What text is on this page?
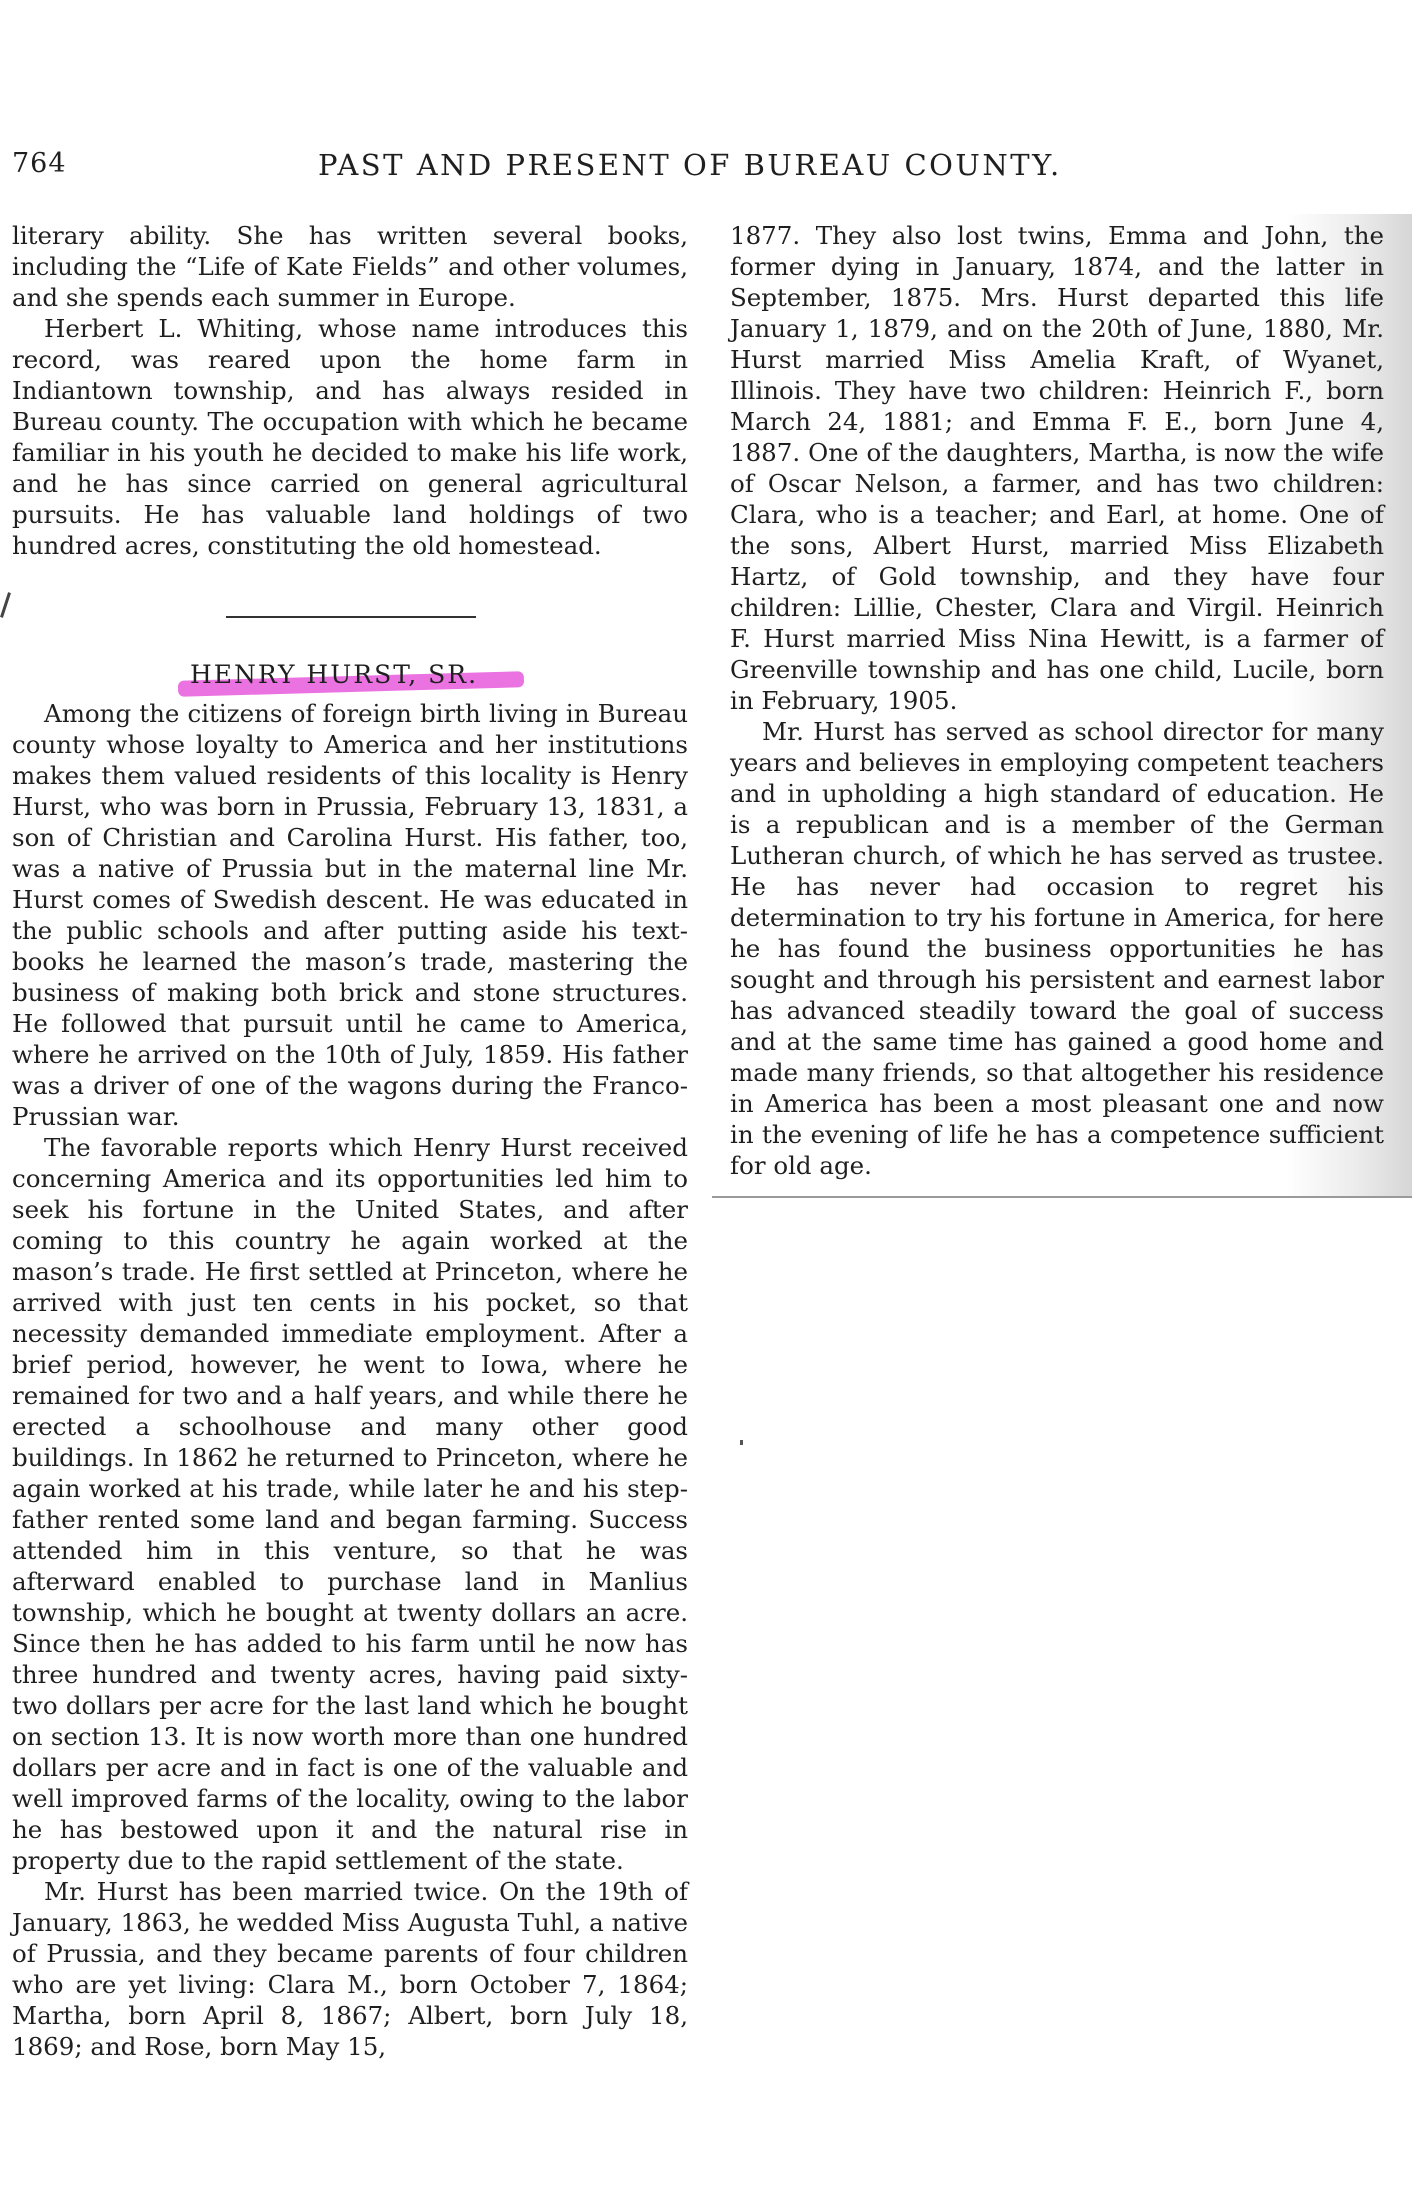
764	PAST AND PRESENT OF BUREAU COUNTY.

literary ability. She has written several books, including the “Life of Kate Fields” and other volumes, and she spends each summer in Europe.

Herbert L. Whiting, whose name introduces this record, was reared upon the home farm in Indiantown township, and has always resided in Bureau county. The occupation with which he became familiar in his youth he decided to make his life work, and he has since carried on general agricultural pursuits. He has valuable land holdings of two hundred acres, constituting the old homestead.

HENRY HURST, SR.

Among the citizens of foreign birth living in Bureau county whose loyalty to America and her institutions makes them valued residents of this locality is Henry Hurst, who was born in Prussia, February 13, 1831, a son of Christian and Carolina Hurst. His father, too, was a native of Prussia but in the maternal line Mr. Hurst comes of Swedish descent. He was educated in the public schools and after putting aside his text-books he learned the mason’s trade, mastering the business of making both brick and stone structures. He followed that pursuit until he came to America, where he arrived on the 10th of July, 1859. His father was a driver of one of the wagons during the Franco-Prussian war.

The favorable reports which Henry Hurst received concerning America and its opportunities led him to seek his fortune in the United States, and after coming to this country he again worked at the mason’s trade. He first settled at Princeton, where he arrived with just ten cents in his pocket, so that necessity demanded immediate employment. After a brief period, however, he went to Iowa, where he remained for two and a half years, and while there he erected a schoolhouse and many other good buildings. In 1862 he returned to Princeton, where he again worked at his trade, while later he and his step-father rented some land and began farming. Success attended him in this venture, so that he was afterward enabled to purchase land in Manlius township, which he bought at twenty dollars an acre. Since then he has added to his farm until he now has three hundred and twenty acres, having paid sixty-two dollars per acre for the last land which he bought on section 13. It is now worth more than one hundred dollars per acre and in fact is one of the valuable and well improved farms of the locality, owing to the labor he has bestowed upon it and the natural rise in property due to the rapid settlement of the state.

Mr. Hurst has been married twice. On the 19th of January, 1863, he wedded Miss Augusta Tuhl, a native of Prussia, and they became parents of four children who are yet living: Clara M., born October 7, 1864; Martha, born April 8, 1867; Albert, born July 18, 1869; and Rose, born May 15,

1877. They also lost twins, Emma and John, the former dying in January, 1874, and the latter in September, 1875. Mrs. Hurst departed this life January 1, 1879, and on the 20th of June, 1880, Mr. Hurst married Miss Amelia Kraft, of Wyanet, Illinois. They have two children: Heinrich F., born March 24, 1881; and Emma F. E., born June 4, 1887. One of the daughters, Martha, is now the wife of Oscar Nelson, a farmer, and has two children: Clara, who is a teacher; and Earl, at home. One of the sons, Albert Hurst, married Miss Elizabeth Hartz, of Gold township, and they have four children: Lillie, Chester, Clara and Virgil. Heinrich F. Hurst married Miss Nina Hewitt, is a farmer of Greenville township and has one child, Lucile, born in February, 1905.

Mr. Hurst has served as school director for many years and believes in employing competent teachers and in upholding a high standard of education. He is a republican and is a member of the German Lutheran church, of which he has served as trustee. He has never had occasion to regret his determination to try his fortune in America, for here he has found the business opportunities he has sought and through his persistent and earnest labor has advanced steadily toward the goal of success and at the same time has gained a good home and made many friends, so that altogether his residence in America has been a most pleasant one and now in the evening of life he has a competence sufficient for old age.
